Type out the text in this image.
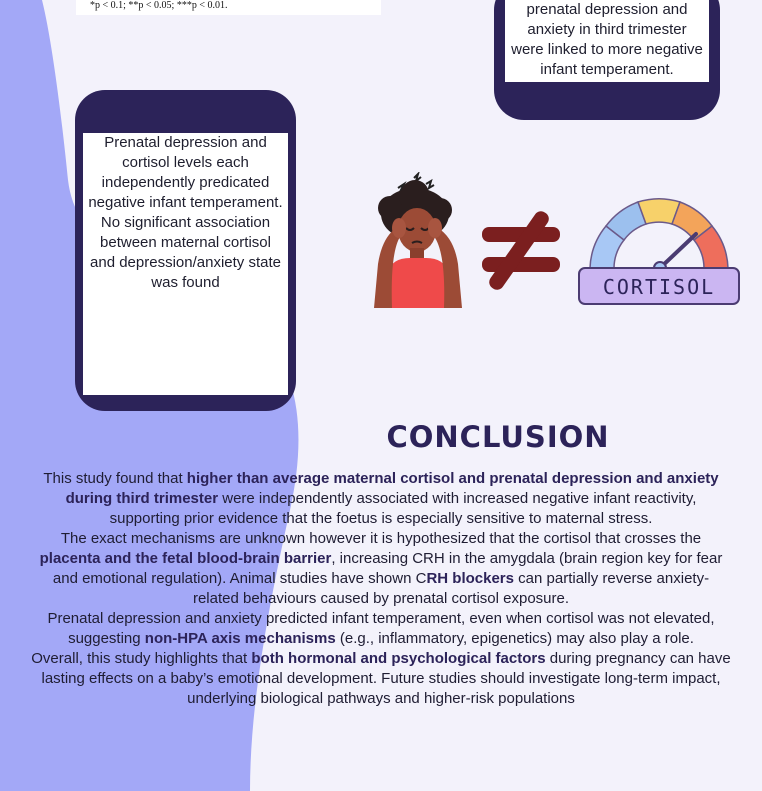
*p < 0.1; **p < 0.05; ***p < 0.01.	prenatal depression and anxiety in third trimester were linked to more negative infant temperament.
Prenatal depression and cortisol levels each independently predicated negative infant temperament. No significant association between maternal cortisol and depression/anxiety state was found	CORTISOL
CONCLUSION

This study found that higher than average maternal cortisol and prenatal depression and anxiety during third trimester were independently associated with increased negative infant reactivity, supporting prior evidence that the foetus is especially sensitive to maternal stress.

The exact mechanisms are unknown however it is hypothesized that the cortisol that crosses the placenta and the fetal blood-brain barrier, increasing CRH in the amygdala (brain region key for fear and emotional regulation). Animal studies have shown CRH blockers can partially reverse anxiety-related behaviours caused by prenatal cortisol exposure.

Prenatal depression and anxiety predicted infant temperament, even when cortisol was not elevated, suggesting non-HPA axis mechanisms (e.g., inflammatory, epigenetics) may also play a role.

Overall, this study highlights that both hormonal and psychological factors during pregnancy can have lasting effects on a baby’s emotional development. Future studies should investigate long-term impact, underlying biological pathways and higher-risk populations
